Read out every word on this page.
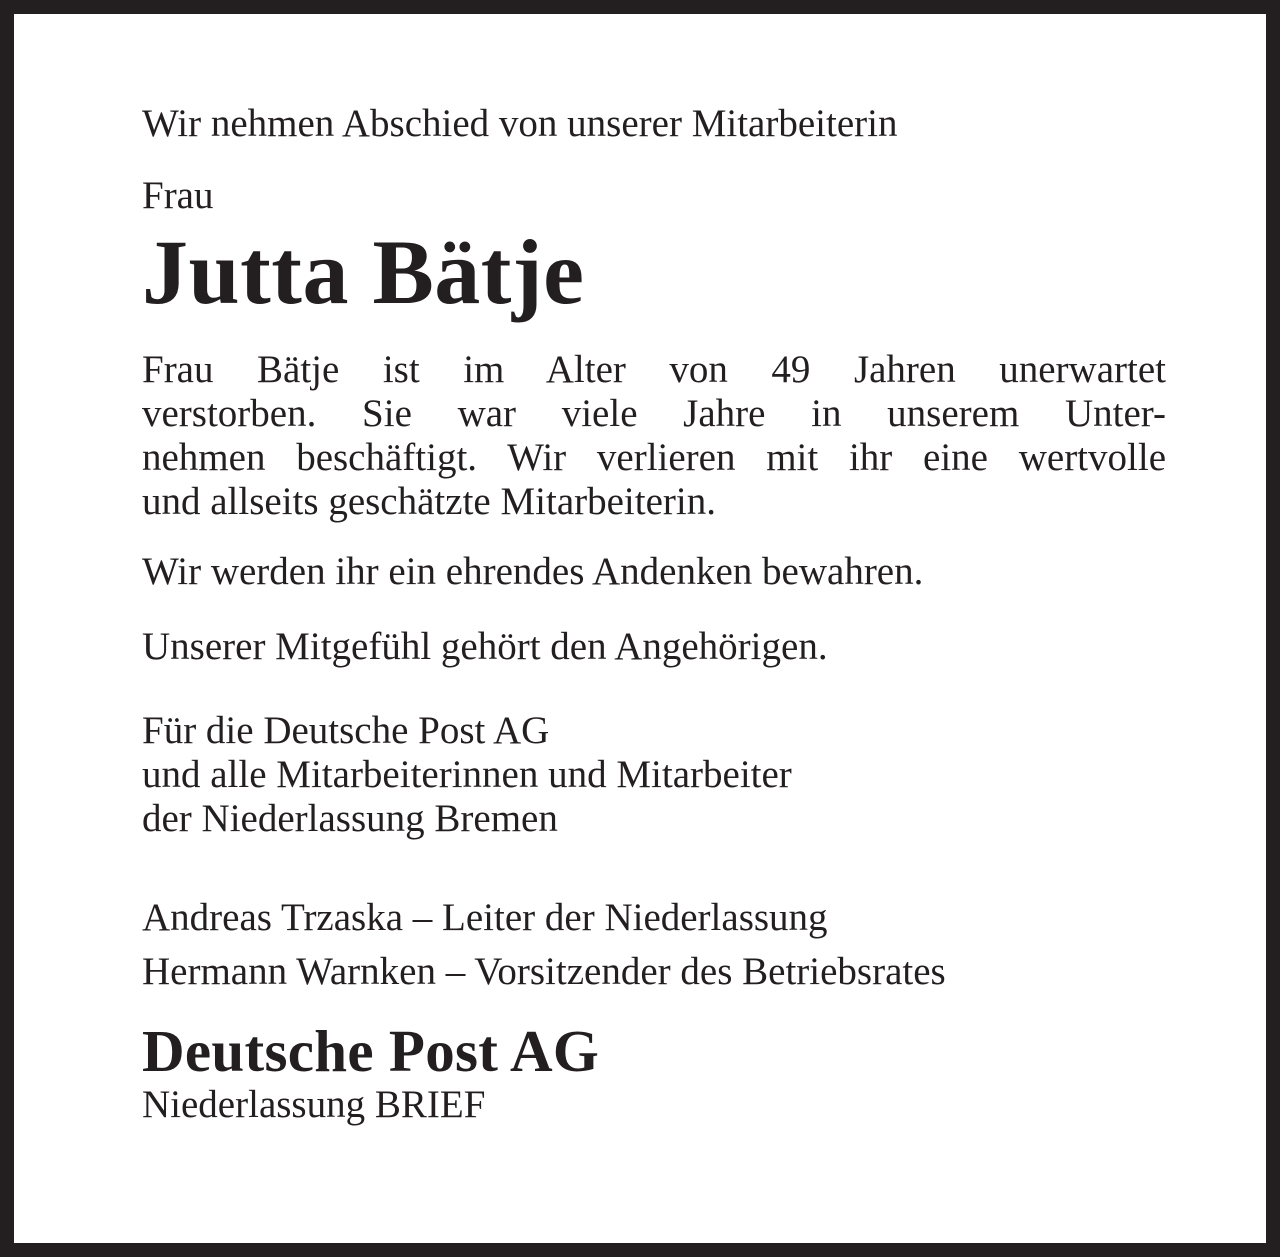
Wir nehmen Abschied von unserer Mitarbeiterin

Frau

Jutta Bätje
Frau Bätje ist im Alter von 49 Jahren unerwartet
verstorben. Sie war viele Jahre in unserem Unter-
nehmen beschäftigt. Wir verlieren mit ihr eine wertvolle
und allseits geschätzte Mitarbeiterin.

Wir werden ihr ein ehrendes Andenken bewahren.

Unserer Mitgefühl gehört den Angehörigen.

Für die Deutsche Post AG
und alle Mitarbeiterinnen und Mitarbeiter
der Niederlassung Bremen
Andreas Trzaska – Leiter der Niederlassung
Hermann Warnken – Vorsitzender des Betriebsrates
Deutsche Post AG

Niederlassung BRIEF
